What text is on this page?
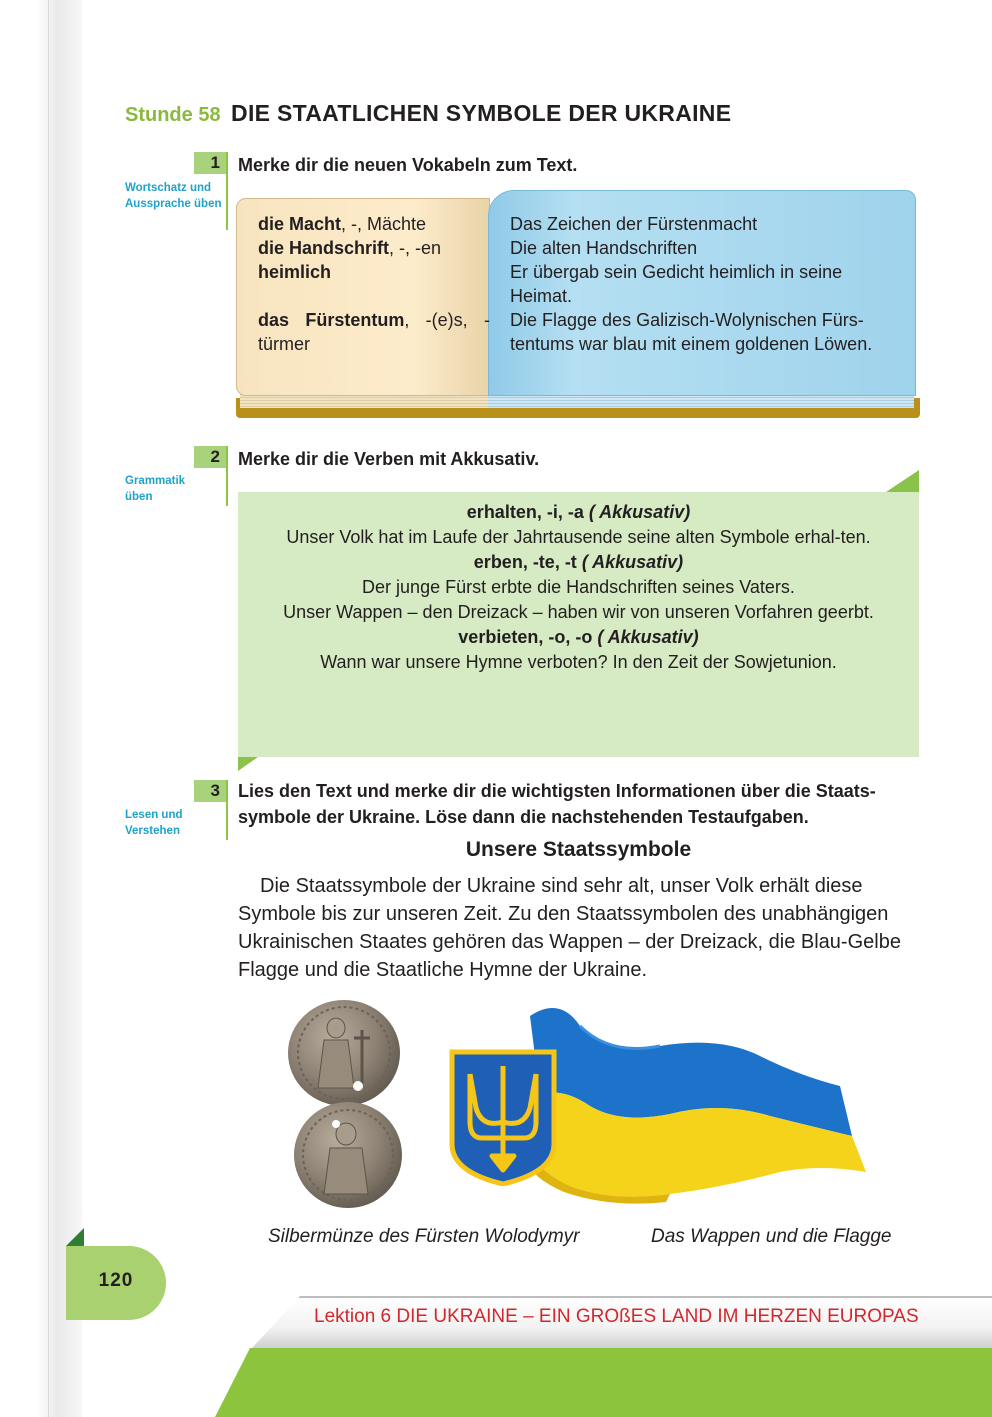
Stunde 58 DIE STAATLICHEN SYMBOLE DER UKRAINE
1
Wortschatz und Aussprache üben
Merke dir die neuen Vokabeln zum Text.
die Macht, -, Mächte
die Handschrift, -, -en
heimlich
das Fürstentum, -(e)s, -türmer
Das Zeichen der Fürstenmacht
Die alten Handschriften
Er übergab sein Gedicht heimlich in seine Heimat.
Die Flagge des Galizisch-Wolynischen Fürs-tentums war blau mit einem goldenen Löwen.
2
Grammatik üben
Merke dir die Verben mit Akkusativ.
erhalten, -i, -a ( Akkusativ)
Unser Volk hat im Laufe der Jahrtausende seine alten Symbole erhal-ten.
erben, -te, -t ( Akkusativ)
Der junge Fürst erbte die Handschriften seines Vaters.
Unser Wappen – den Dreizack – haben wir von unseren Vorfahren geerbt.
verbieten, -o, -o ( Akkusativ)
Wann war unsere Hymne verboten? In den Zeit der Sowjetunion.
3
Lesen und Verstehen
Lies den Text und merke dir die wichtigsten Informationen über die Staats-symbole der Ukraine. Löse dann die nachstehenden Testaufgaben.
Unsere Staatssymbole
Die Staatssymbole der Ukraine sind sehr alt, unser Volk erhält diese Symbole bis zur unseren Zeit. Zu den Staatssymbolen des unabhängigen Ukrainischen Staates gehören das Wappen – der Dreizack, die Blau-Gelbe Flagge und die Staatliche Hymne der Ukraine.
Silbermünze des Fürsten Wolodymyr	Das Wappen und die Flagge
120
Lektion 6 DIE UKRAINE – EIN GROßES LAND IM HERZEN EUROPAS
